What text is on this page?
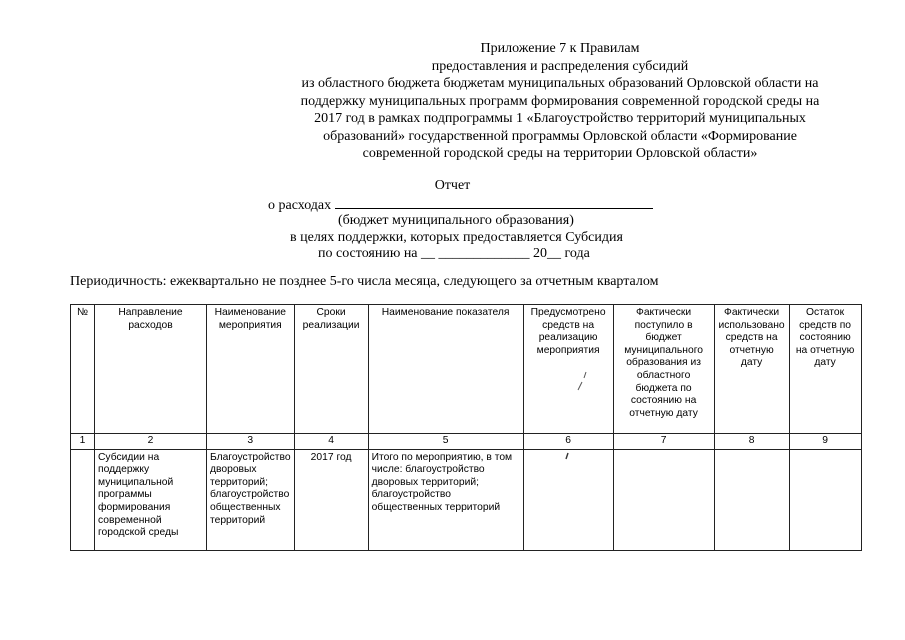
Приложение 7 к Правилам
предоставления и распределения субсидий
из областного бюджета бюджетам муниципальных образований Орловской области на
поддержку муниципальных программ формирования современной городской среды на
2017 год в рамках подпрограммы 1 «Благоустройство территорий муниципальных
образований» государственной программы Орловской области «Формирование
современной городской среды на территории Орловской области»
Отчет
о расходах
(бюджет муниципального образования)
в целях поддержки, которых предоставляется Субсидия
по состоянию на __ _____________ 20__ года
Периодичность: ежеквартально не позднее 5-го числа месяца, следующего за отчетным кварталом
№	Направление расходов	Наименование мероприятия	Сроки реализации	Наименование показателя	Предусмотрено средств на реализацию мероприятия	Фактически поступило в бюджет муниципального образования из областного бюджета по состоянию на отчетную дату	Фактически использовано средств на отчетную дату	Остаток средств по состоянию на отчетную дату
1	2	3	4	5	6	7	8	9
	Субсидии на поддержку муниципальной программы формирования современной городской среды	Благоустройство дворовых территорий; благоустройство общественных территорий	2017 год	Итого по мероприятию, в том числе: благоустройство дворовых территорий; благоустройство общественных территорий				
